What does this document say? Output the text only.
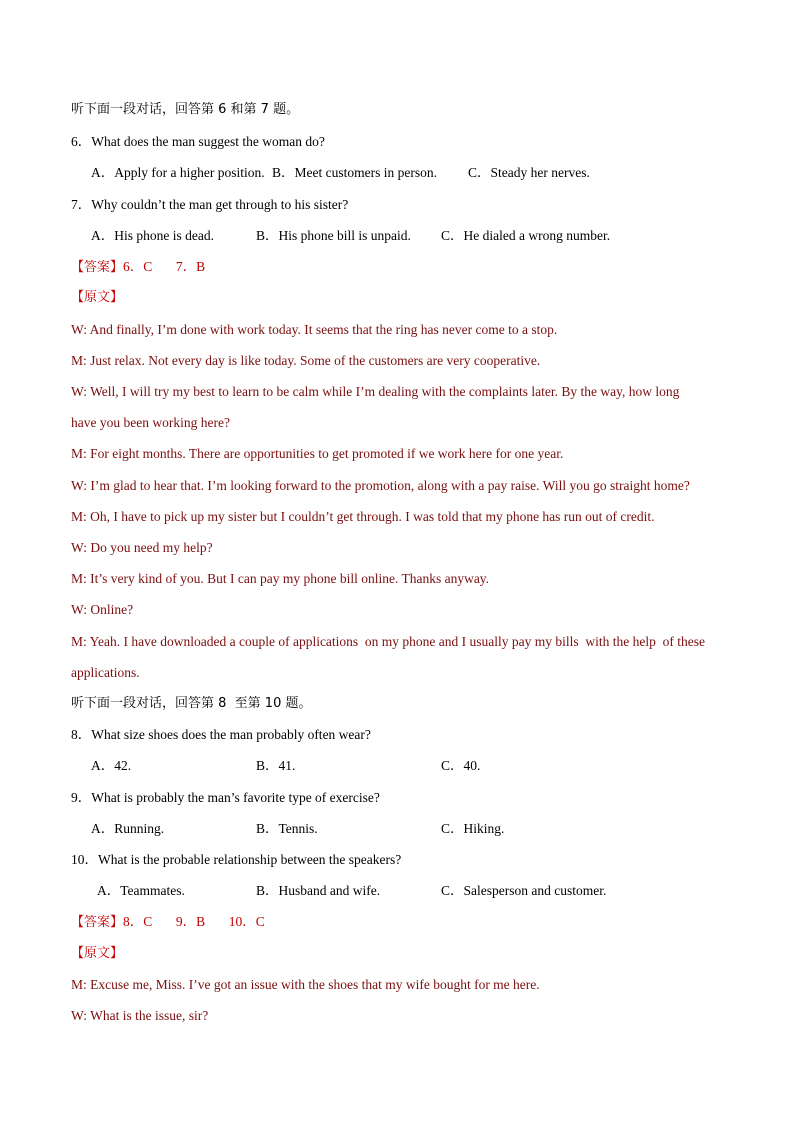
听下面一段对话，回答第 6 和第 7 题。
6．What does the man suggest the woman do?
A．Apply for a higher position. B．Meet customers in person. C．Steady her nerves.
7．Why couldn’t the man get through to his sister?
A．His phone is dead.	B．His phone bill is unpaid. C．He dialed a wrong number.
【答案】6．C       7．B
【原文】
W: And finally, I’m done with work today. It seems that the ring has never come to a stop.
M: Just relax. Not every day is like today. Some of the customers are very cooperative.
W: Well, I will try my best to learn to be calm while I’m dealing with the complaints later. By the way, how long
have you been working here?
M: For eight months. There are opportunities to get promoted if we work here for one year.
W: I’m glad to hear that. I’m looking forward to the promotion, along with a pay raise. Will you go straight home?
M: Oh, I have to pick up my sister but I couldn’t get through. I was told that my phone has run out of credit.
W: Do you need my help?
M: It’s very kind of you. But I can pay my phone bill online. Thanks anyway.
W: Online?
M: Yeah. I have downloaded a couple of applications  on my phone and I usually pay my bills  with the help  of these
applications.
听下面一段对话，回答第 8  至第 10 题。
8．What size shoes does the man probably often wear?
A．42.	B．41.	C．40.
9．What is probably the man’s favorite type of exercise?
A．Running.	B．Tennis.	C．Hiking.
10．What is the probable relationship between the speakers?
A．Teammates.	B．Husband and wife.	C．Salesperson and customer.
【答案】8．C       9．B       10．C
【原文】
M: Excuse me, Miss. I’ve got an issue with the shoes that my wife bought for me here.
W: What is the issue, sir?
